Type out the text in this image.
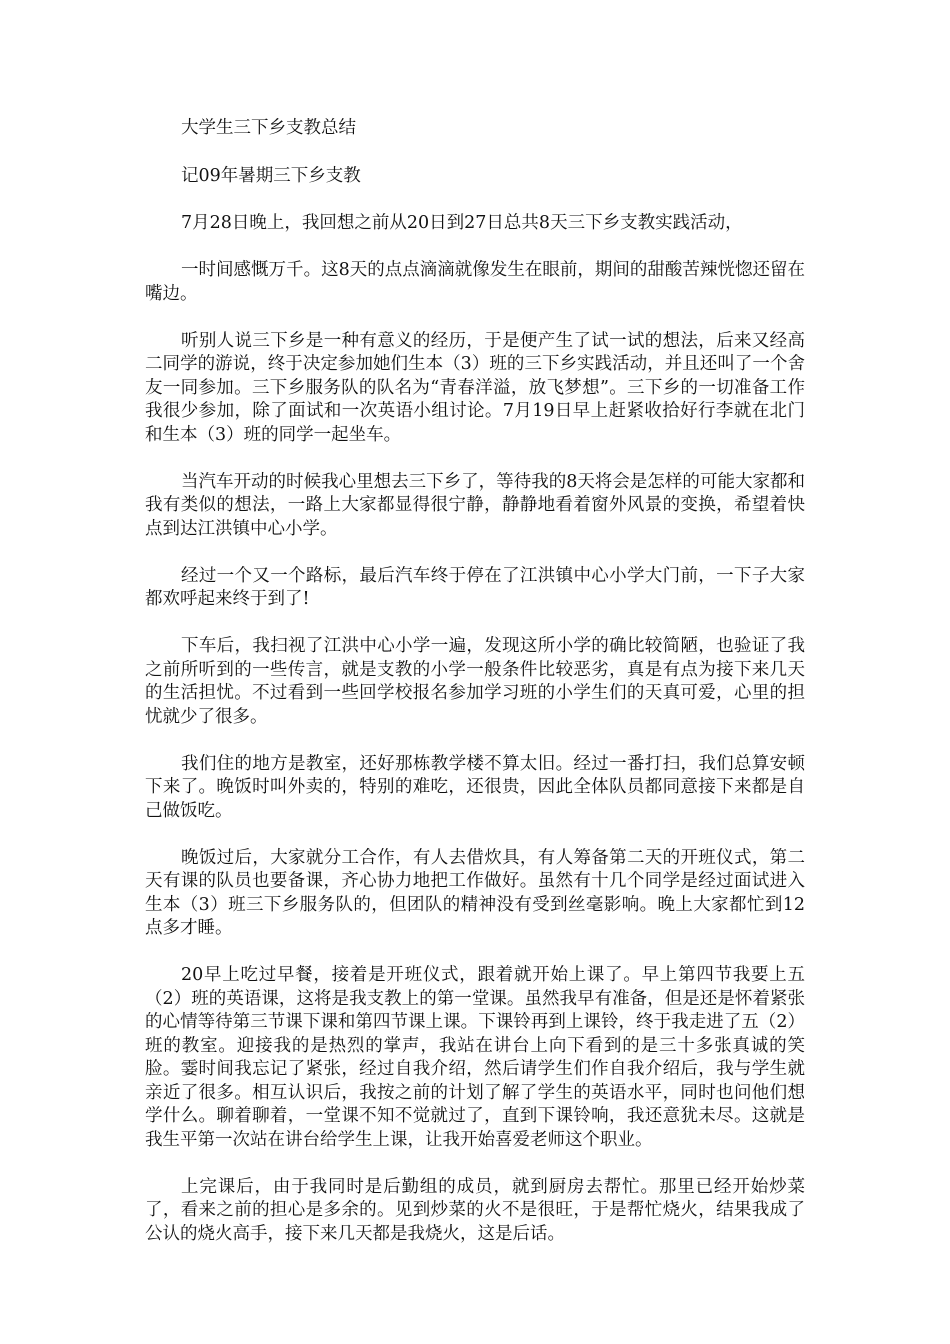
大学生三下乡支教总结

记09年暑期三下乡支教

7月28日晚上，我回想之前从20日到27日总共8天三下乡支教实践活动，

一时间感慨万千。这8天的点点滴滴就像发生在眼前，期间的甜酸苦辣恍惚还留在嘴边。

听别人说三下乡是一种有意义的经历，于是便产生了试一试的想法，后来又经高二同学的游说，终于决定参加她们生本（3）班的三下乡实践活动，并且还叫了一个舍友一同参加。三下乡服务队的队名为“青春洋溢，放飞梦想”。三下乡的一切准备工作我很少参加，除了面试和一次英语小组讨论。7月19日早上赶紧收拾好行李就在北门和生本（3）班的同学一起坐车。

当汽车开动的时候我心里想去三下乡了，等待我的8天将会是怎样的可能大家都和我有类似的想法，一路上大家都显得很宁静，静静地看着窗外风景的变换，希望着快点到达江洪镇中心小学。

经过一个又一个路标，最后汽车终于停在了江洪镇中心小学大门前，一下子大家都欢呼起来终于到了!

下车后，我扫视了江洪中心小学一遍，发现这所小学的确比较简陋，也验证了我之前所听到的一些传言，就是支教的小学一般条件比较恶劣，真是有点为接下来几天的生活担忧。不过看到一些回学校报名参加学习班的小学生们的天真可爱，心里的担忧就少了很多。

我们住的地方是教室，还好那栋教学楼不算太旧。经过一番打扫，我们总算安顿下来了。晚饭时叫外卖的，特别的难吃，还很贵，因此全体队员都同意接下来都是自己做饭吃。

晚饭过后，大家就分工合作，有人去借炊具，有人筹备第二天的开班仪式，第二天有课的队员也要备课，齐心协力地把工作做好。虽然有十几个同学是经过面试进入生本（3）班三下乡服务队的，但团队的精神没有受到丝毫影响。晚上大家都忙到12点多才睡。

20早上吃过早餐，接着是开班仪式，跟着就开始上课了。早上第四节我要上五（2）班的英语课，这将是我支教上的第一堂课。虽然我早有准备，但是还是怀着紧张的心情等待第三节课下课和第四节课上课。下课铃再到上课铃，终于我走进了五（2）班的教室。迎接我的是热烈的掌声，我站在讲台上向下看到的是三十多张真诚的笑脸。霎时间我忘记了紧张，经过自我介绍，然后请学生们作自我介绍后，我与学生就亲近了很多。相互认识后，我按之前的计划了解了学生的英语水平，同时也问他们想学什么。聊着聊着，一堂课不知不觉就过了，直到下课铃响，我还意犹未尽。这就是我生平第一次站在讲台给学生上课，让我开始喜爱老师这个职业。

上完课后，由于我同时是后勤组的成员，就到厨房去帮忙。那里已经开始炒菜了，看来之前的担心是多余的。见到炒菜的火不是很旺，于是帮忙烧火，结果我成了公认的烧火高手，接下来几天都是我烧火，这是后话。
